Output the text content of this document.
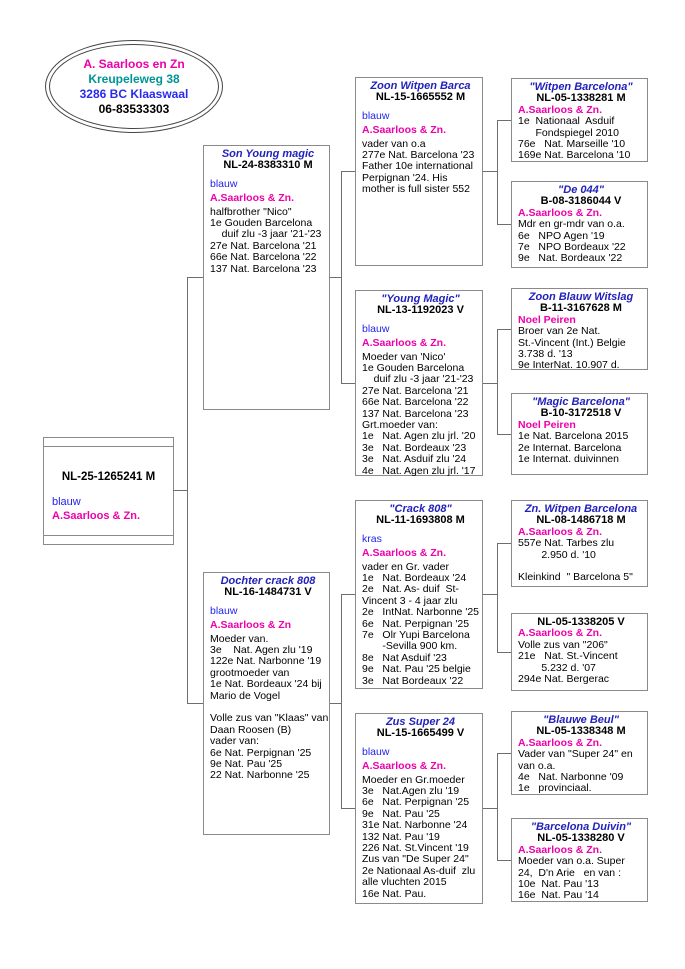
A. Saarloos en Zn
Kreupeleweg 38
3286 BC Klaaswaal
06-83533303
NL-25-1265241 M
blauw
A.Saarloos & Zn.
Son Young magic
NL-24-8383310 M
blauw
A.Saarloos & Zn.
halfbrother "Nico"
1e Gouden Barcelona
duif zlu -3 jaar '21-'23
27e Nat. Barcelona '21
66e Nat. Barcelona '22
137 Nat. Barcelona '23
Dochter crack 808
NL-16-1484731 V
blauw
A.Saarloos & Zn
Moeder van.
3e    Nat. Agen zlu '19
122e Nat. Narbonne '19
grootmoeder van
1e Nat. Bordeaux '24 bij
Mario de Vogel
Volle zus van "Klaas" van
Daan Roosen (B)
vader van:
6e Nat. Perpignan '25
9e Nat. Pau '25
22 Nat. Narbonne '25
Zoon Witpen Barca
NL-15-1665552 M
blauw
A.Saarloos & Zn.
vader van o.a
277e Nat. Barcelona '23
Father 10e international
Perpignan '24. His
mother is full sister 552
"Young Magic"
NL-13-1192023 V
blauw
A.Saarloos & Zn.
Moeder van 'Nico'
1e Gouden Barcelona
duif zlu -3 jaar '21-'23
27e Nat. Barcelona '21
66e Nat. Barcelona '22
137 Nat. Barcelona '23
Grt.moeder van:
1e   Nat. Agen zlu jrl. '20
3e   Nat. Bordeaux '23
3e   Nat. Asduif zlu '24
4e   Nat. Agen zlu jrl. '17
"Crack 808"
NL-11-1693808 M
kras
A.Saarloos & Zn.
vader en Gr. vader
1e   Nat. Bordeaux '24
2e   Nat. As- duif  St-
Vincent 3 - 4 jaar zlu
2e   IntNat. Narbonne '25
6e   Nat. Perpignan '25
7e   Olr Yupi Barcelona
-Sevilla 900 km.
8e   Nat Asduif '23
9e   Nat. Pau '25 belgie
3e   Nat Bordeaux '22
Zus Super 24
NL-15-1665499 V
blauw
A.Saarloos & Zn.
Moeder en Gr.moeder
3e   Nat.Agen zlu '19
6e   Nat. Perpignan '25
9e   Nat. Pau '25
31e Nat. Narbonne '24
132 Nat. Pau '19
226 Nat. St.Vincent '19
Zus van "De Super 24"
2e Nationaal As-duif  zlu
alle vluchten 2015
16e Nat. Pau.
"Witpen Barcelona"
NL-05-1338281 M
A.Saarloos & Zn.
1e  Nationaal  Asduif
Fondspiegel 2010
76e   Nat. Marseille '10
169e Nat. Barcelona '10
"De 044"
B-08-3186044 V
A.Saarloos & Zn.
Mdr en gr-mdr van o.a.
6e   NPO Agen '19
7e   NPO Bordeaux '22
9e   Nat. Bordeaux '22
Zoon Blauw Witslag
B-11-3167628 M
Noel Peiren
Broer van 2e Nat.
St.-Vincent (Int.) Belgie
3.738 d. '13
9e InterNat. 10.907 d.
"Magic Barcelona"
B-10-3172518 V
Noel Peiren
1e Nat. Barcelona 2015
2e Internat. Barcelona
1e Internat. duivinnen
Zn. Witpen Barcelona
NL-08-1486718 M
A.Saarloos & Zn.
557e Nat. Tarbes zlu
2.950 d. '10
Kleinkind  " Barcelona 5"
NL-05-1338205 V
A.Saarloos & Zn.
Volle zus van "206"
21e   Nat. St.-Vincent
5.232 d. '07
294e Nat. Bergerac
"Blauwe Beul"
NL-05-1338348 M
A.Saarloos & Zn.
Vader van "Super 24" en
van o.a.
4e   Nat. Narbonne '09
1e   provinciaal.
"Barcelona Duivin"
NL-05-1338280 V
A.Saarloos & Zn.
Moeder van o.a. Super
24,  D'n Arie   en van :
10e  Nat. Pau '13
16e  Nat. Pau '14
